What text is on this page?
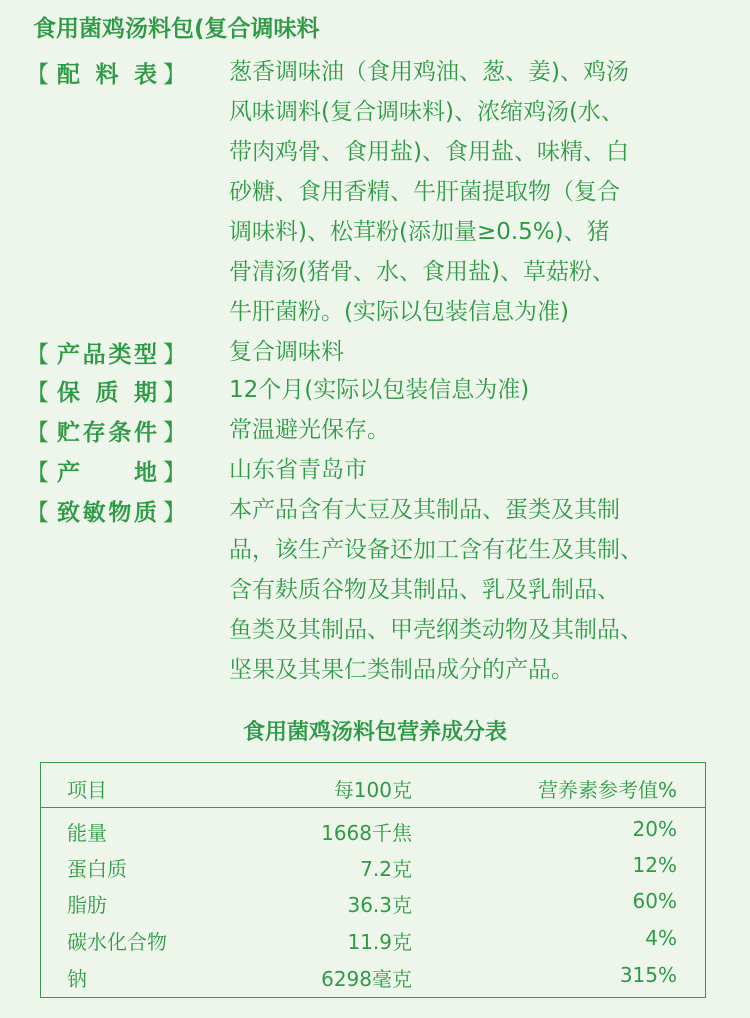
食用菌鸡汤料包(复合调味料
【 配 料 表 】 葱香调味油（食用鸡油、葱、姜)、鸡汤
风味调料(复合调味料)、浓缩鸡汤(水、
带肉鸡骨、食用盐)、食用盐、味精、白
砂糖、食用香精、牛肝菌提取物（复合
调味料)、松茸粉(添加量≥0.5%)、猪
骨清汤(猪骨、水、食用盐)、草菇粉、
牛肝菌粉。(实际以包装信息为准)
【 产 品 类 型 】 复合调味料
【 保 质 期 】 12个月(实际以包装信息为准)
【 贮 存 条 件 】 常温避光保存。
【 产 地 】 山东省青岛市
【 致 敏 物 质 】 本产品含有大豆及其制品、蛋类及其制
品，该生产设备还加工含有花生及其制、
含有麸质谷物及其制品、乳及乳制品、
鱼类及其制品、甲壳纲类动物及其制品、
坚果及其果仁类制品成分的产品。
食用菌鸡汤料包营养成分表
项目	每100克	营养素参考值%
能量	1668千焦	20%
蛋白质	7.2克	12%
脂肪	36.3克	60%
碳水化合物	11.9克	4%
钠	6298毫克	315%
